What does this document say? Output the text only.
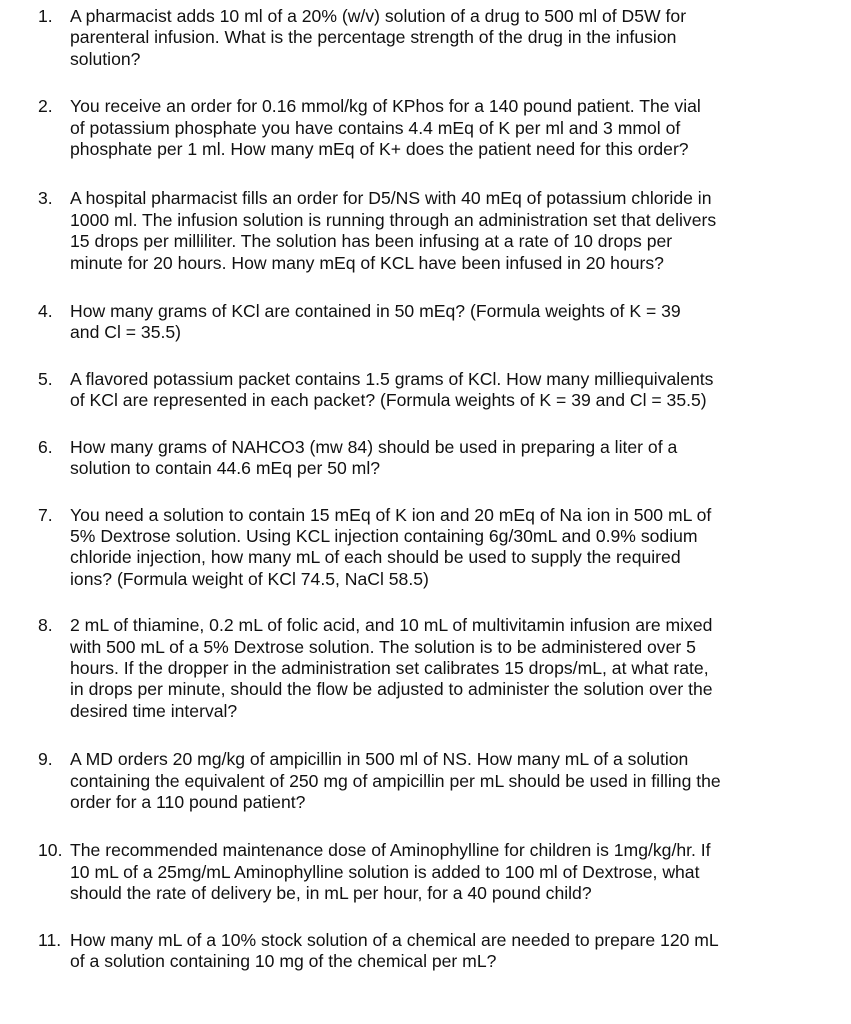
1. A pharmacist adds 10 ml of a 20% (w/v) solution of a drug to 500 ml of D5W for
parenteral infusion. What is the percentage strength of the drug in the infusion
solution?
2. You receive an order for 0.16 mmol/kg of KPhos for a 140 pound patient. The vial
of potassium phosphate you have contains 4.4 mEq of K per ml and 3 mmol of
phosphate per 1 ml. How many mEq of K+ does the patient need for this order?
3. A hospital pharmacist fills an order for D5/NS with 40 mEq of potassium chloride in
1000 ml. The infusion solution is running through an administration set that delivers
15 drops per milliliter. The solution has been infusing at a rate of 10 drops per
minute for 20 hours. How many mEq of KCL have been infused in 20 hours?
4. How many grams of KCl are contained in 50 mEq? (Formula weights of K = 39
and Cl = 35.5)
5. A flavored potassium packet contains 1.5 grams of KCl. How many milliequivalents
of KCl are represented in each packet? (Formula weights of K = 39 and Cl = 35.5)
6. How many grams of NAHCO3 (mw 84) should be used in preparing a liter of a
solution to contain 44.6 mEq per 50 ml?
7. You need a solution to contain 15 mEq of K ion and 20 mEq of Na ion in 500 mL of
5% Dextrose solution. Using KCL injection containing 6g/30mL and 0.9% sodium
chloride injection, how many mL of each should be used to supply the required
ions? (Formula weight of KCl 74.5, NaCl 58.5)
8. 2 mL of thiamine, 0.2 mL of folic acid, and 10 mL of multivitamin infusion are mixed
with 500 mL of a 5% Dextrose solution. The solution is to be administered over 5
hours. If the dropper in the administration set calibrates 15 drops/mL, at what rate,
in drops per minute, should the flow be adjusted to administer the solution over the
desired time interval?
9. A MD orders 20 mg/kg of ampicillin in 500 ml of NS. How many mL of a solution
containing the equivalent of 250 mg of ampicillin per mL should be used in filling the
order for a 110 pound patient?
10. The recommended maintenance dose of Aminophylline for children is 1mg/kg/hr. If
10 mL of a 25mg/mL Aminophylline solution is added to 100 ml of Dextrose, what
should the rate of delivery be, in mL per hour, for a 40 pound child?
11. How many mL of a 10% stock solution of a chemical are needed to prepare 120 mL
of a solution containing 10 mg of the chemical per mL?
